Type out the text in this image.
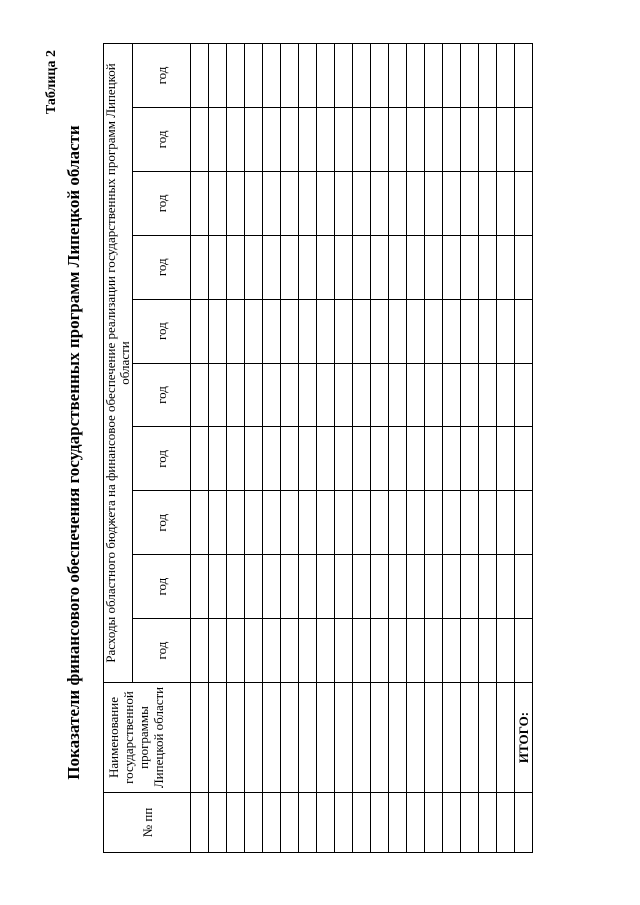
Таблица 2
Показатели финансового обеспечения государственных программ Липецкой области
№ пп	Наименование государственной программы Липецкой области	Расходы областного бюджета на финансовое обеспечение реализации государственных программ Липецкой области									
		год	год	год	год	год	год	год	год	год	год

	ИТОГО:										
